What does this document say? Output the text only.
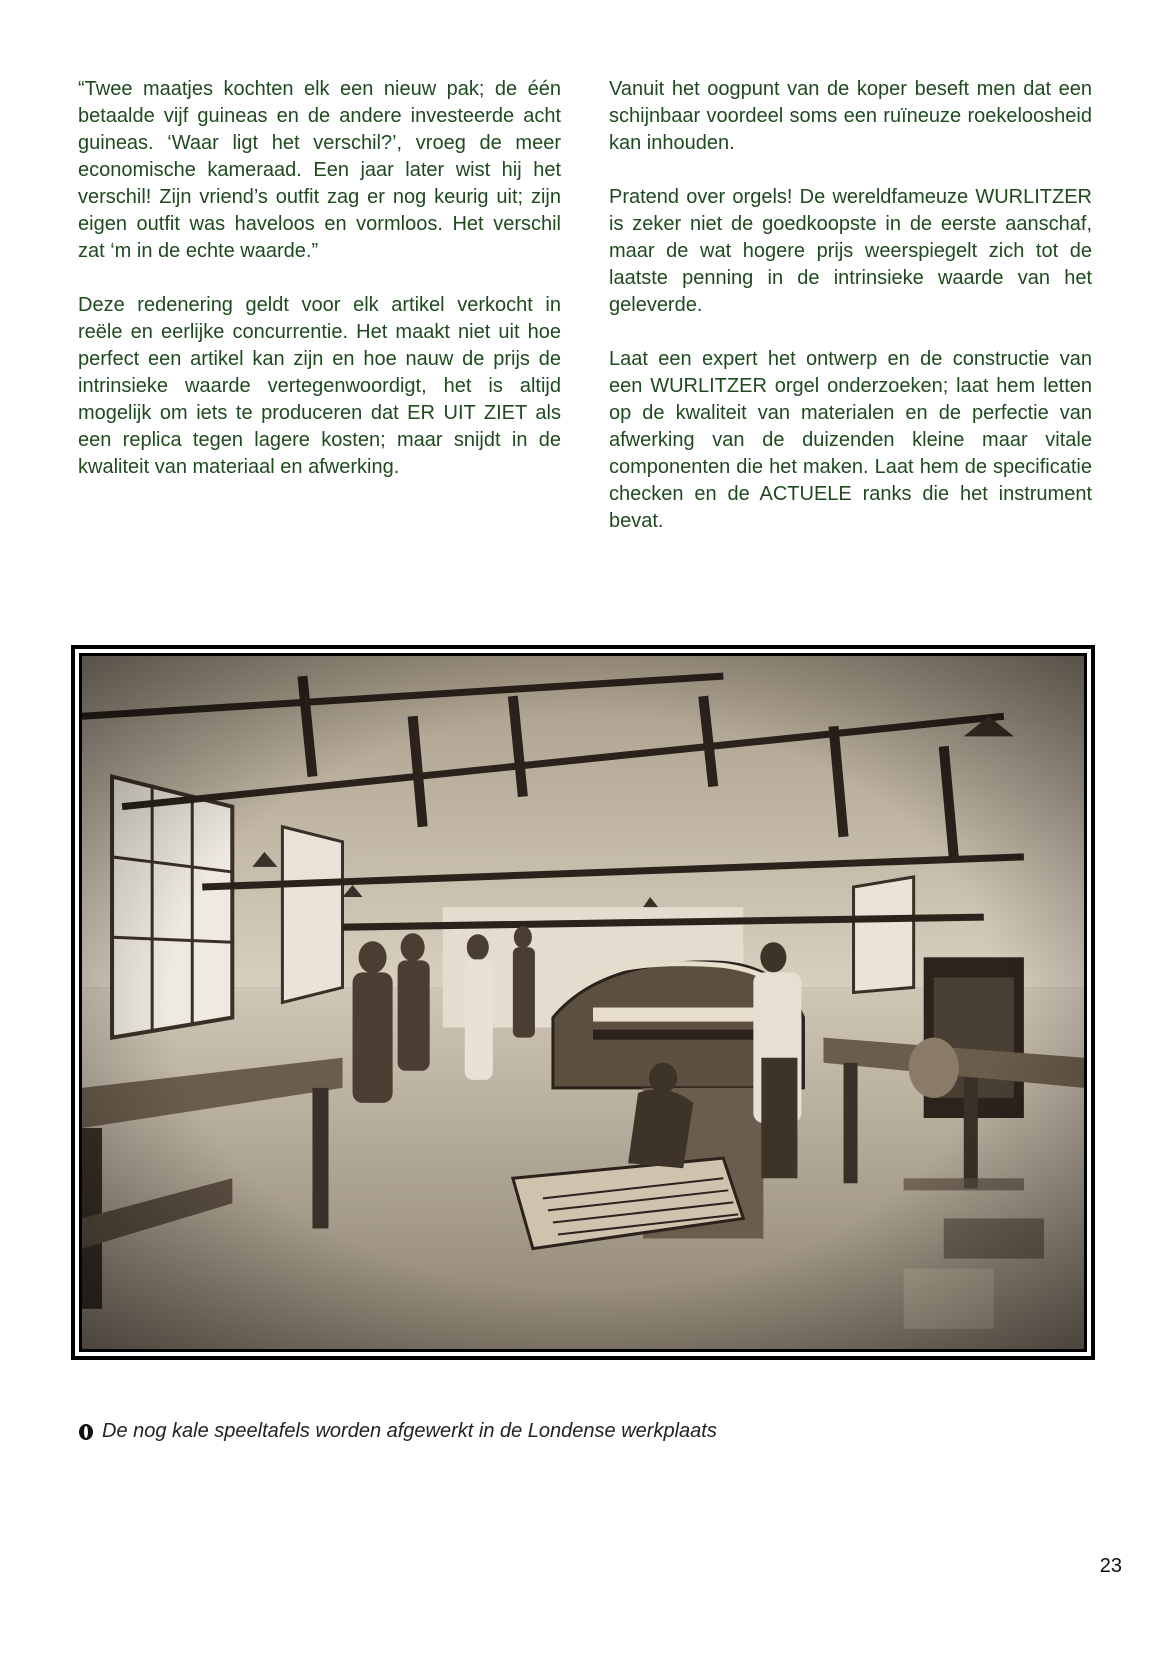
“Twee maatjes kochten elk een nieuw pak; de één betaalde vijf guineas en de andere investeerde acht guineas. ‘Waar ligt het verschil?’, vroeg de meer economische kameraad. Een jaar later wist hij het verschil! Zijn vriend’s outfit zag er nog keurig uit; zijn eigen outfit was haveloos en vormloos. Het verschil zat ‘m in de echte waarde.”

Deze redenering geldt voor elk artikel verkocht in reële en eerlijke concurrentie. Het maakt niet uit hoe perfect een artikel kan zijn en hoe nauw de prijs de intrinsieke waarde vertegenwoordigt, het is altijd mogelijk om iets te produceren dat ER UIT ZIET als een replica tegen lagere kosten; maar snijdt in de kwaliteit van materiaal en afwerking.

Vanuit het oogpunt van de koper beseft men dat een schijnbaar voordeel soms een ruïneuze roekeloosheid kan inhouden.

Pratend over orgels! De wereldfameuze WURLITZER is zeker niet de goedkoopste in de eerste aanschaf, maar de wat hogere prijs weerspiegelt zich tot de laatste penning in de intrinsieke waarde van het geleverde.

Laat een expert het ontwerp en de constructie van een WURLITZER orgel onderzoeken; laat hem letten op de kwaliteit van materialen en de perfectie van afwerking van de duizenden kleine maar vitale componenten die het maken. Laat hem de specificatie checken en de ACTUELE ranks die het instrument bevat.

De nog kale speeltafels worden afgewerkt in de Londense werkplaats
23
